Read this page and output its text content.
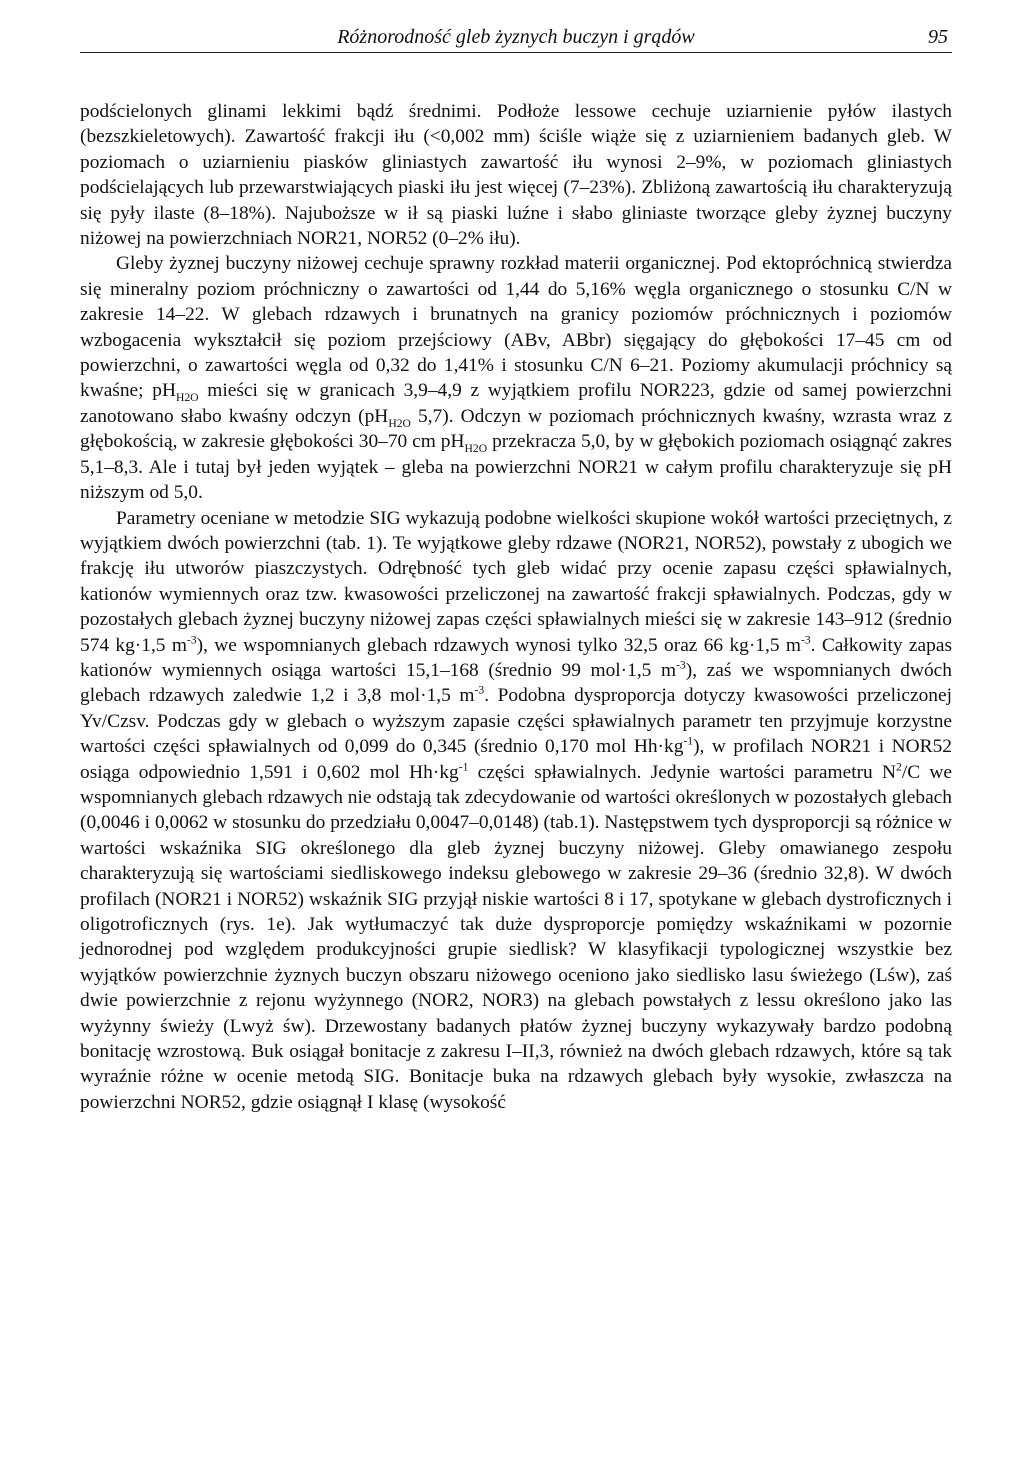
Różnorodność gleb żyznych buczyn i grądów	95

podścielonych glinami lekkimi bądź średnimi. Podłoże lessowe cechuje uziarnienie pyłów ilastych (bezszkieletowych). Zawartość frakcji iłu (<0,002 mm) ściśle wiąże się z uziarnieniem badanych gleb. W poziomach o uziarnieniu piasków gliniastych zawartość iłu wynosi 2–9%, w poziomach gliniastych podścielających lub przewarstwiających piaski iłu jest więcej (7–23%). Zbliżoną zawartością iłu charakteryzują się pyły ilaste (8–18%). Najuboższe w ił są piaski luźne i słabo gliniaste tworzące gleby żyznej buczyny niżowej na powierzchniach NOR21, NOR52 (0–2% iłu).

Gleby żyznej buczyny niżowej cechuje sprawny rozkład materii organicznej. Pod ektopróchnicą stwierdza się mineralny poziom próchniczny o zawartości od 1,44 do 5,16% węgla organicznego o stosunku C/N w zakresie 14–22. W glebach rdzawych i brunatnych na granicy poziomów próchnicznych i poziomów wzbogacenia wykształcił się poziom przejściowy (ABv, ABbr) sięgający do głębokości 17–45 cm od powierzchni, o zawartości węgla od 0,32 do 1,41% i stosunku C/N 6–21. Poziomy akumulacji próchnicy są kwaśne; $pH_{H2O}$ mieści się w granicach 3,9–4,9 z wyjątkiem profilu NOR223, gdzie od samej powierzchni zanotowano słabo kwaśny odczyn ($pH_{H2O}$ 5,7). Odczyn w poziomach próchnicznych kwaśny, wzrasta wraz z głębokością, w zakresie głębokości 30–70 cm $pH_{H2O}$ przekracza 5,0, by w głębokich poziomach osiągnąć zakres 5,1–8,3. Ale i tutaj był jeden wyjątek – gleba na powierzchni NOR21 w całym profilu charakteryzuje się pH niższym od 5,0.

Parametry oceniane w metodzie SIG wykazują podobne wielkości skupione wokół wartości przeciętnych, z wyjątkiem dwóch powierzchni (tab. 1). Te wyjątkowe gleby rdzawe (NOR21, NOR52), powstały z ubogich we frakcję iłu utworów piaszczystych. Odrębność tych gleb widać przy ocenie zapasu części spławialnych, kationów wymiennych oraz tzw. kwasowości przeliczonej na zawartość frakcji spławialnych. Podczas, gdy w pozostałych glebach żyznej buczyny niżowej zapas części spławialnych mieści się w zakresie 143–912 (średnio 574 kg·1,5 $m^{-3}$), we wspomnianych glebach rdzawych wynosi tylko 32,5 oraz 66 kg·1,5 $m^{-3}$. Całkowity zapas kationów wymiennych osiąga wartości 15,1–168 (średnio 99 mol·1,5 $m^{-3}$), zaś we wspomnianych dwóch glebach rdzawych zaledwie 1,2 i 3,8 mol·1,5 $m^{-3}$. Podobna dysproporcja dotyczy kwasowości przeliczonej Yv/Czsv. Podczas gdy w glebach o wyższym zapasie części spławialnych parametr ten przyjmuje korzystne wartości części spławialnych od 0,099 do 0,345 (średnio 0,170 mol $Hh\cdot kg^{-1}$), w profilach NOR21 i NOR52 osiąga odpowiednio 1,591 i 0,602 mol $Hh\cdot kg^{-1}$ części spławialnych. Jedynie wartości parametru $N^2/C$ we wspomnianych glebach rdzawych nie odstają tak zdecydowanie od wartości określonych w pozostałych glebach (0,0046 i 0,0062 w stosunku do przedziału 0,0047–0,0148) (tab.1). Następstwem tych dysproporcji są różnice w wartości wskaźnika SIG określonego dla gleb żyznej buczyny niżowej. Gleby omawianego zespołu charakteryzują się wartościami siedliskowego indeksu glebowego w zakresie 29–36 (średnio 32,8). W dwóch profilach (NOR21 i NOR52) wskaźnik SIG przyjął niskie wartości 8 i 17, spotykane w glebach dystroficznych i oligotroficznych (rys. 1e). Jak wytłumaczyć tak duże dysproporcje pomiędzy wskaźnikami w pozornie jednorodnej pod względem produkcyjności grupie siedlisk? W klasyfikacji typologicznej wszystkie bez wyjątków powierzchnie żyznych buczyn obszaru niżowego oceniono jako siedlisko lasu świeżego (Lśw), zaś dwie powierzchnie z rejonu wyżynnego (NOR2, NOR3) na glebach powstałych z lessu określono jako las wyżynny świeży (Lwyż św). Drzewostany badanych płatów żyznej buczyny wykazywały bardzo podobną bonitację wzrostową. Buk osiągał bonitacje z zakresu I–II,3, również na dwóch glebach rdzawych, które są tak wyraźnie różne w ocenie metodą SIG. Bonitacje buka na rdzawych glebach były wysokie, zwłaszcza na powierzchni NOR52, gdzie osiągnął I klasę (wysokość
